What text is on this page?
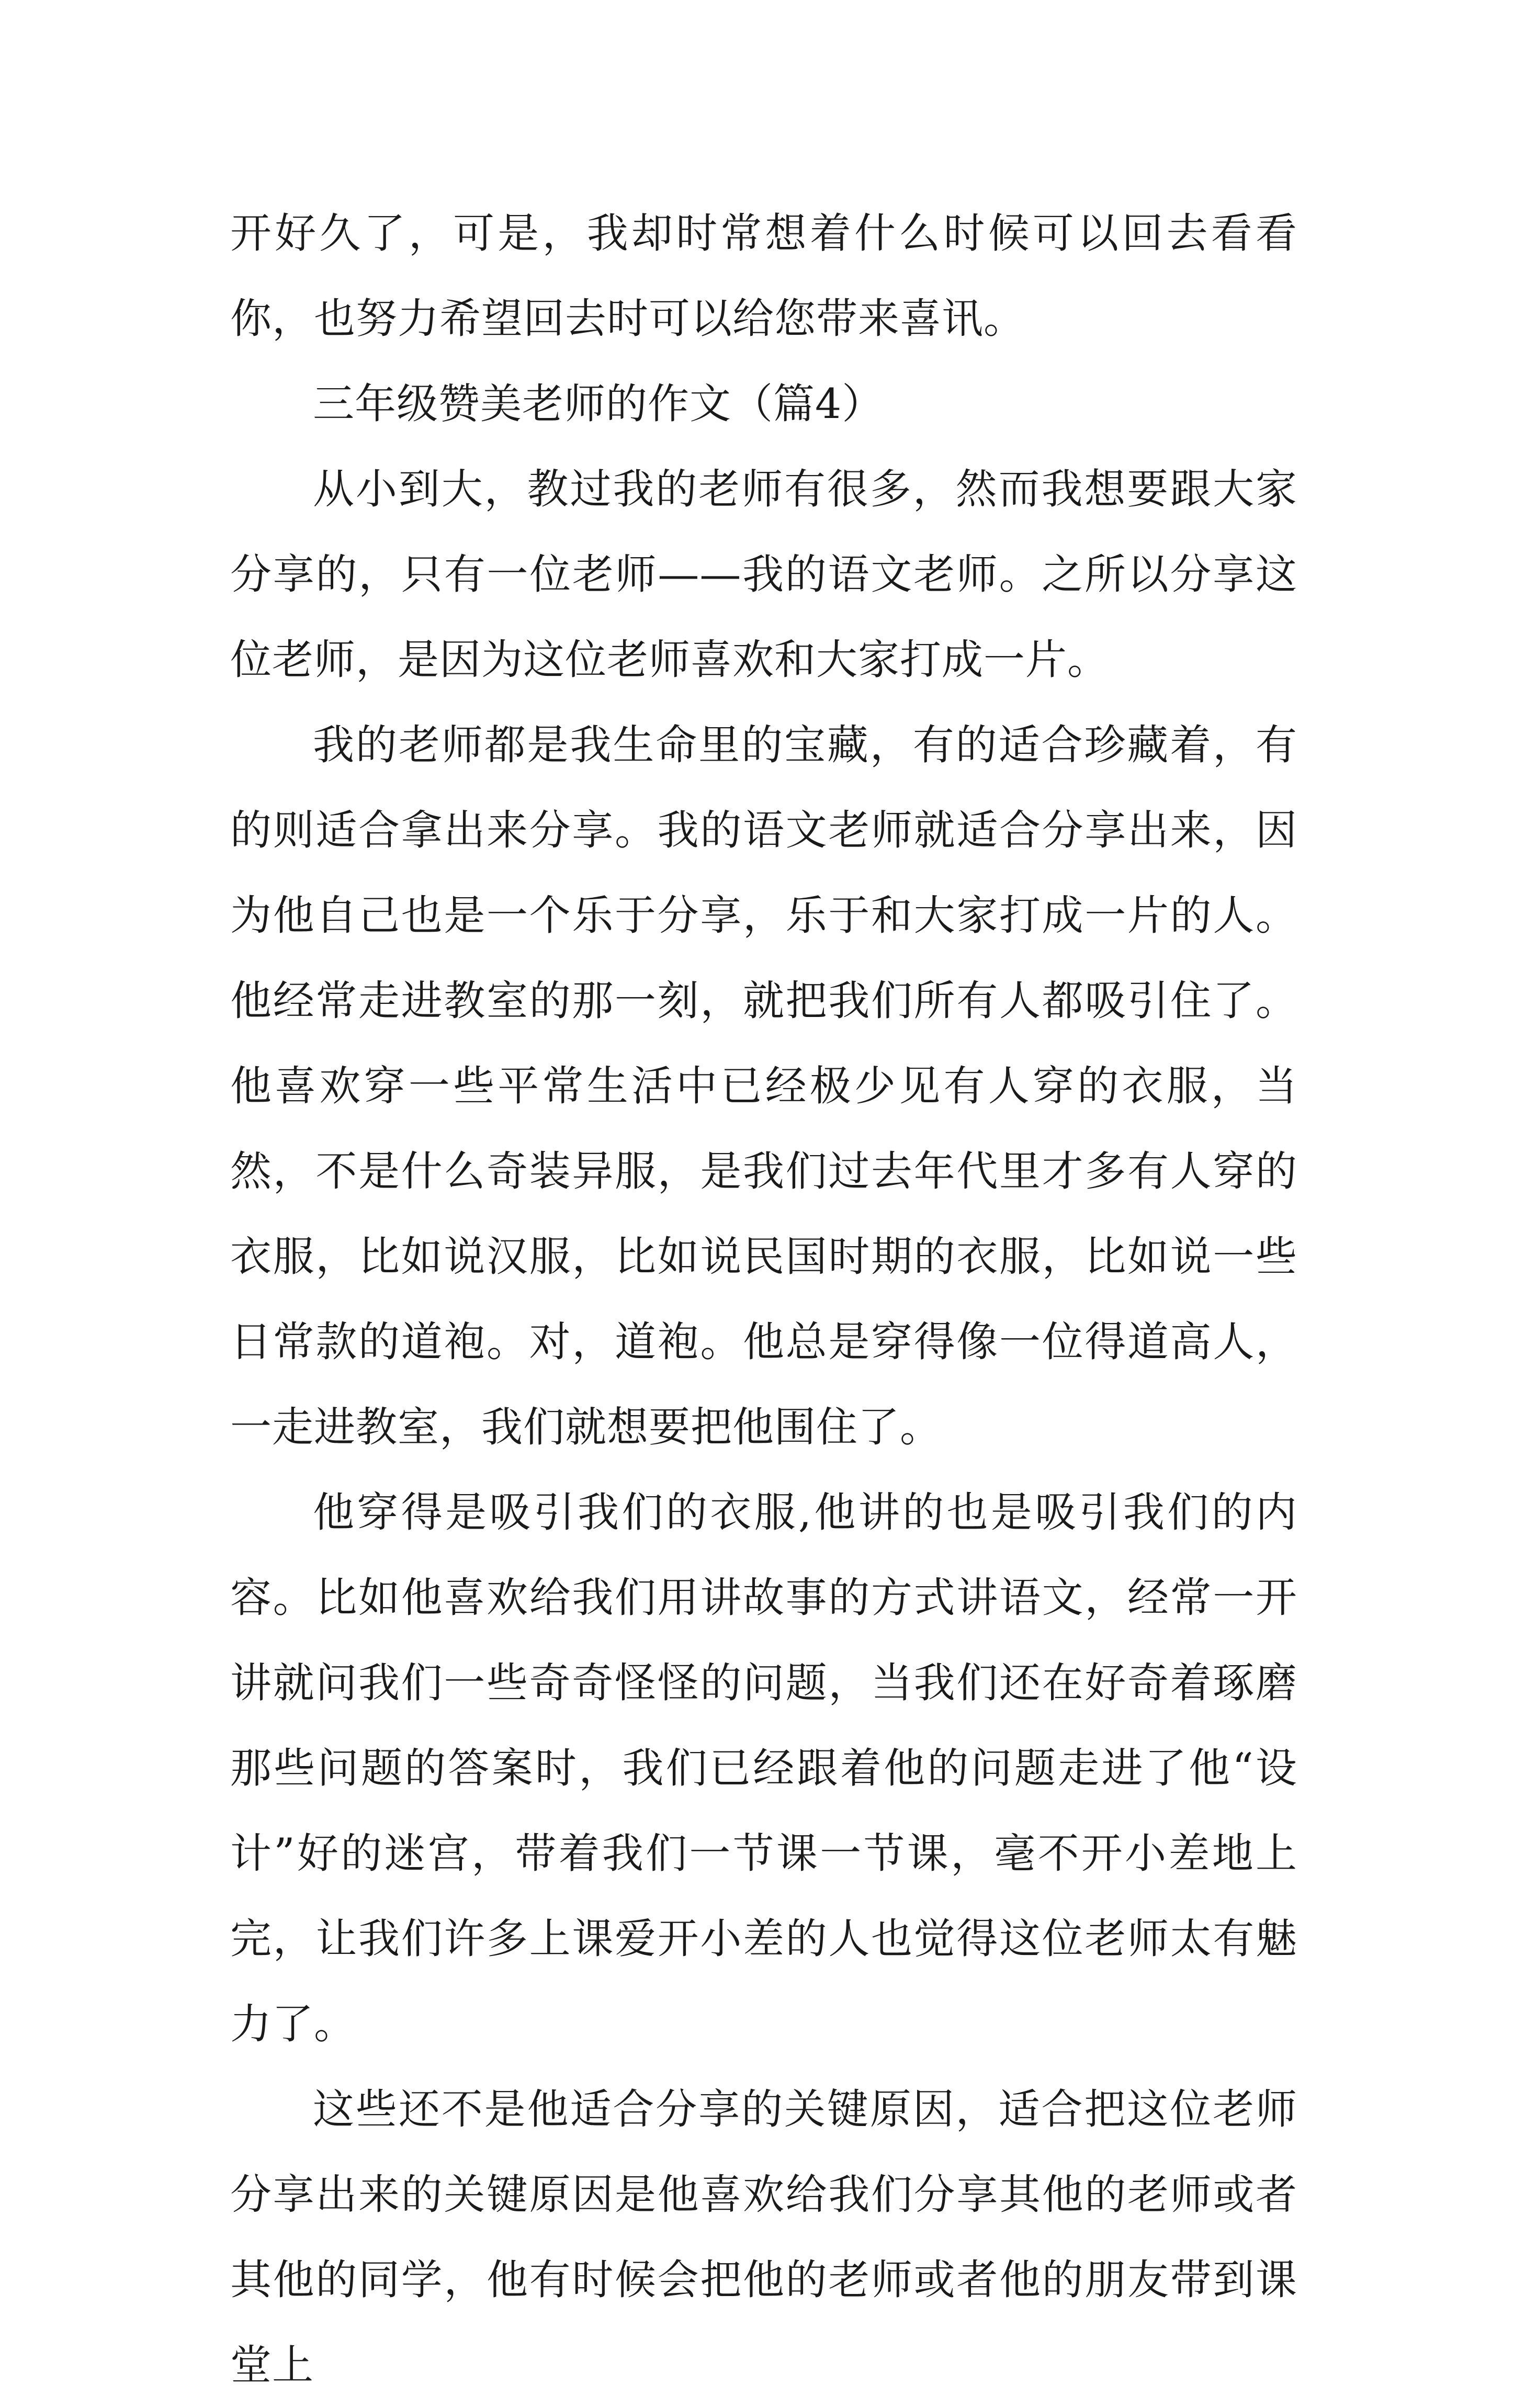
开好久了，可是，我却时常想着什么时候可以回去看看你，也努力希望回去时可以给您带来喜讯。

三年级赞美老师的作文（篇4）

从小到大，教过我的老师有很多，然而我想要跟大家分享的，只有一位老师——我的语文老师。之所以分享这位老师，是因为这位老师喜欢和大家打成一片。

我的老师都是我生命里的宝藏，有的适合珍藏着，有的则适合拿出来分享。我的语文老师就适合分享出来，因为他自己也是一个乐于分享，乐于和大家打成一片的人。他经常走进教室的那一刻，就把我们所有人都吸引住了。他喜欢穿一些平常生活中已经极少见有人穿的衣服，当然，不是什么奇装异服，是我们过去年代里才多有人穿的衣服，比如说汉服，比如说民国时期的衣服，比如说一些日常款的道袍。对，道袍。他总是穿得像一位得道高人，一走进教室，我们就想要把他围住了。

他穿得是吸引我们的衣服,他讲的也是吸引我们的内容。比如他喜欢给我们用讲故事的方式讲语文，经常一开讲就问我们一些奇奇怪怪的问题，当我们还在好奇着琢磨那些问题的答案时，我们已经跟着他的问题走进了他“设计”好的迷宫，带着我们一节课一节课，毫不开小差地上完，让我们许多上课爱开小差的人也觉得这位老师太有魅力了。

这些还不是他适合分享的关键原因，适合把这位老师分享出来的关键原因是他喜欢给我们分享其他的老师或者其他的同学，他有时候会把他的老师或者他的朋友带到课堂上
